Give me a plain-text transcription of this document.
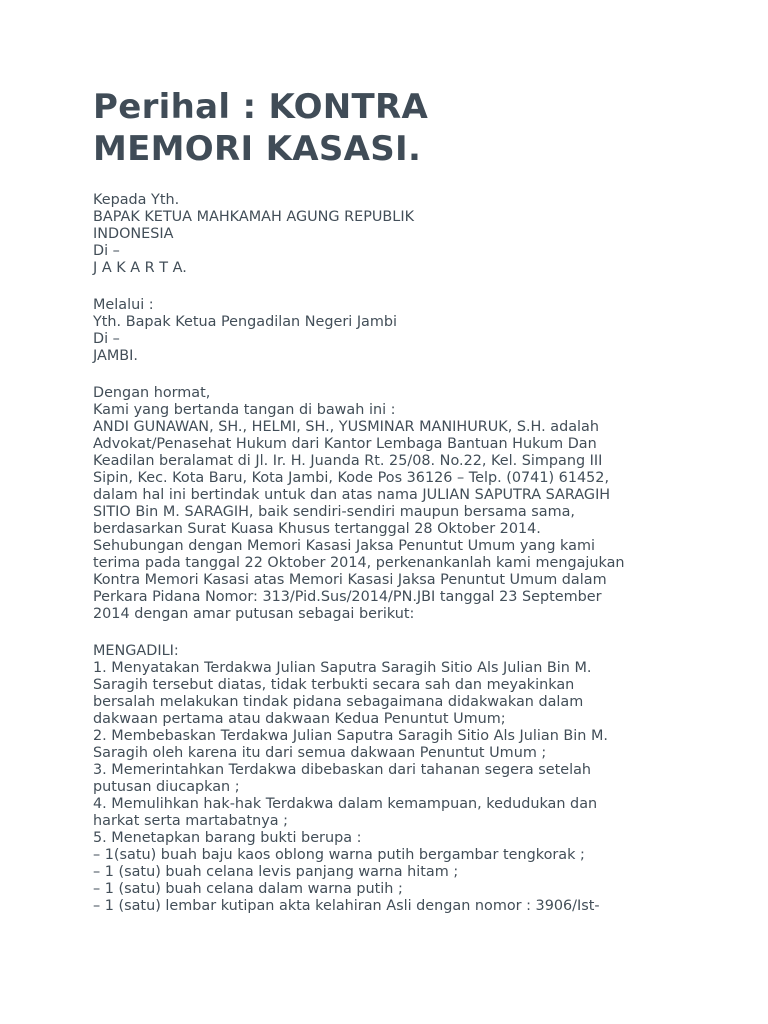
Perihal : KONTRA
MEMORI KASASI.
Kepada Yth.
BAPAK KETUA MAHKAMAH AGUNG REPUBLIK
INDONESIA
Di –
J A K A R T A.
Melalui :
Yth. Bapak Ketua Pengadilan Negeri Jambi
Di –
JAMBI.
Dengan hormat,
Kami yang bertanda tangan di bawah ini :
ANDI GUNAWAN, SH., HELMI, SH., YUSMINAR MANIHURUK, S.H. adalah
Advokat/Penasehat Hukum dari Kantor Lembaga Bantuan Hukum Dan
Keadilan beralamat di Jl. Ir. H. Juanda Rt. 25/08. No.22, Kel. Simpang III
Sipin, Kec. Kota Baru, Kota Jambi, Kode Pos 36126 – Telp. (0741) 61452,
dalam hal ini bertindak untuk dan atas nama JULIAN SAPUTRA SARAGIH
SITIO Bin M. SARAGIH, baik sendiri-sendiri maupun bersama sama,
berdasarkan Surat Kuasa Khusus tertanggal 28 Oktober 2014.
Sehubungan dengan Memori Kasasi Jaksa Penuntut Umum yang kami
terima pada tanggal 22 Oktober 2014, perkenankanlah kami mengajukan
Kontra Memori Kasasi atas Memori Kasasi Jaksa Penuntut Umum dalam
Perkara Pidana Nomor: 313/Pid.Sus/2014/PN.JBI tanggal 23 September
2014 dengan amar putusan sebagai berikut:
MENGADILI:
1. Menyatakan Terdakwa Julian Saputra Saragih Sitio Als Julian Bin M.
Saragih tersebut diatas, tidak terbukti secara sah dan meyakinkan
bersalah melakukan tindak pidana sebagaimana didakwakan dalam
dakwaan pertama atau dakwaan Kedua Penuntut Umum;
2. Membebaskan Terdakwa Julian Saputra Saragih Sitio Als Julian Bin M.
Saragih oleh karena itu dari semua dakwaan Penuntut Umum ;
3. Memerintahkan Terdakwa dibebaskan dari tahanan segera setelah
putusan diucapkan ;
4. Memulihkan hak-hak Terdakwa dalam kemampuan, kedudukan dan
harkat serta martabatnya ;
5. Menetapkan barang bukti berupa :
– 1(satu) buah baju kaos oblong warna putih bergambar tengkorak ;
– 1 (satu) buah celana levis panjang warna hitam ;
– 1 (satu) buah celana dalam warna putih ;
– 1 (satu) lembar kutipan akta kelahiran Asli dengan nomor : 3906/Ist-
